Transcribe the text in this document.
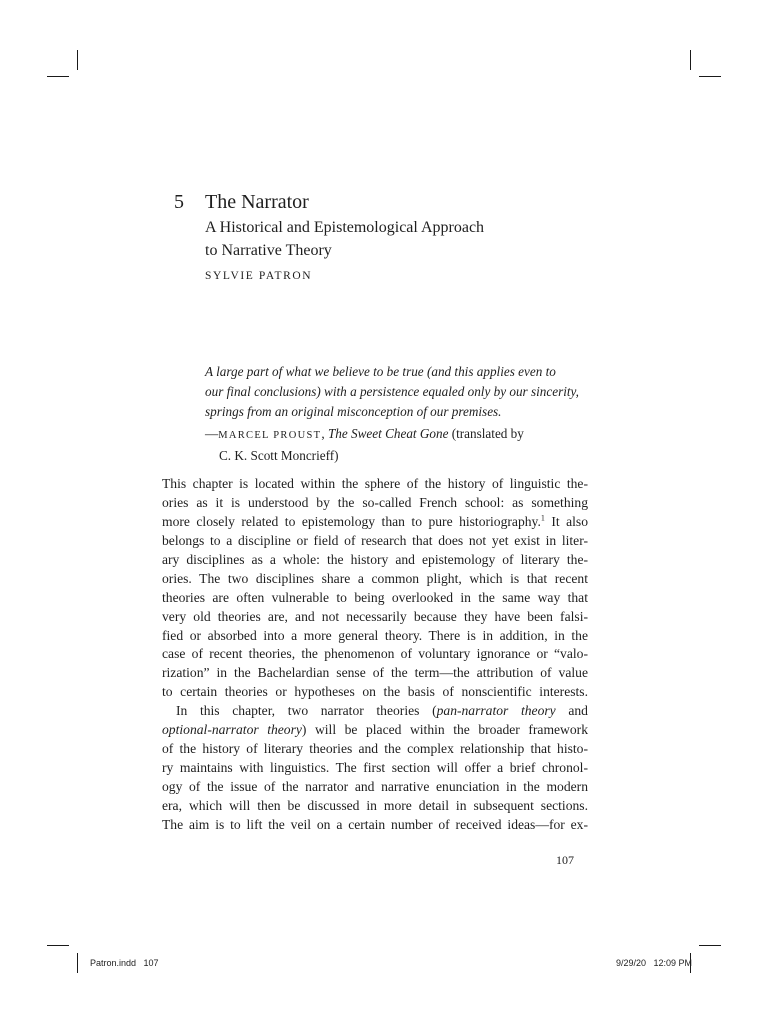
5 The Narrator
A Historical and Epistemological Approach
to Narrative Theory
SYLVIE PATRON
A large part of what we believe to be true (and this applies even to
our final conclusions) with a persistence equaled only by our sincerity,
springs from an original misconception of our premises.
—MARCEL PROUST, The Sweet Cheat Gone (translated by
C. K. Scott Moncrieff)
This chapter is located within the sphere of the history of linguistic the-
ories as it is understood by the so-called French school: as something
more closely related to epistemology than to pure historiography.$^1$ It also
belongs to a discipline or field of research that does not yet exist in liter-
ary disciplines as a whole: the history and epistemology of literary the-
ories. The two disciplines share a common plight, which is that recent
theories are often vulnerable to being overlooked in the same way that
very old theories are, and not necessarily because they have been falsi-
fied or absorbed into a more general theory. There is in addition, in the
case of recent theories, the phenomenon of voluntary ignorance or “valo-
rization” in the Bachelardian sense of the term—the attribution of value
to certain theories or hypotheses on the basis of nonscientific interests.
In this chapter, two narrator theories (pan-narrator theory and
optional-narrator theory) will be placed within the broader framework
of the history of literary theories and the complex relationship that histo-
ry maintains with linguistics. The first section will offer a brief chronol-
ogy of the issue of the narrator and narrative enunciation in the modern
era, which will then be discussed in more detail in subsequent sections.
The aim is to lift the veil on a certain number of received ideas—for ex-
107
Patron.indd   107	9/29/20   12:09 PM
